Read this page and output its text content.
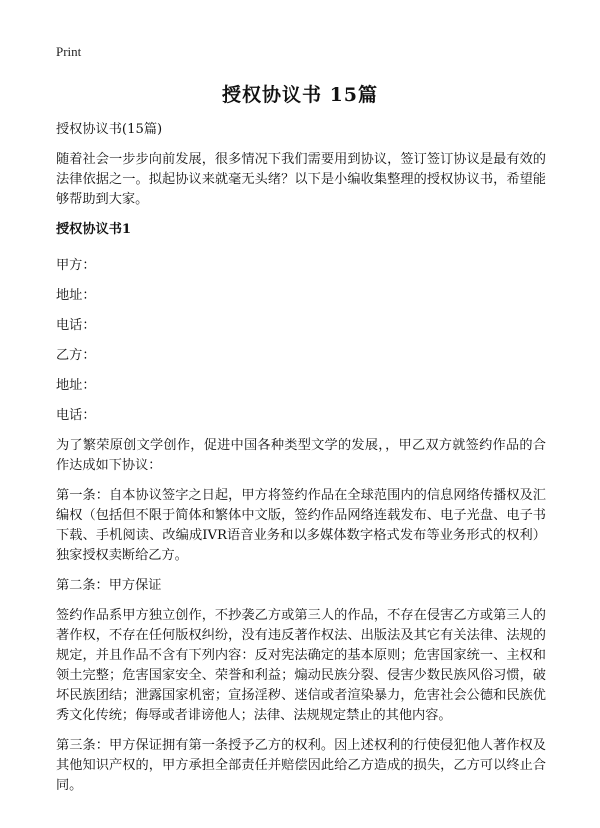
Print
授权协议书 15篇

授权协议书(15篇)

随着社会一步步向前发展，很多情况下我们需要用到协议，签订签订协议是最有效的法律依据之一。拟起协议来就毫无头绪？以下是小编收集整理的授权协议书，希望能够帮助到大家。

授权协议书1

甲方：

地址：

电话：

乙方：

地址：

电话：

为了繁荣原创文学创作，促进中国各种类型文学的发展，，甲乙双方就签约作品的合作达成如下协议：

第一条：自本协议签字之日起，甲方将签约作品在全球范围内的信息网络传播权及汇编权（包括但不限于简体和繁体中文版，签约作品网络连载发布、电子光盘、电子书下载、手机阅读、改编成IVR语音业务和以多媒体数字格式发布等业务形式的权利）独家授权卖断给乙方。

第二条：甲方保证

签约作品系甲方独立创作，不抄袭乙方或第三人的作品，不存在侵害乙方或第三人的著作权，不存在任何版权纠纷，没有违反著作权法、出版法及其它有关法律、法规的规定，并且作品不含有下列内容：反对宪法确定的基本原则；危害国家统一、主权和领土完整；危害国家安全、荣誉和利益；煽动民族分裂、侵害少数民族风俗习惯，破坏民族团结；泄露国家机密；宣扬淫秽、迷信或者渲染暴力，危害社会公德和民族优秀文化传统；侮辱或者诽谤他人；法律、法规规定禁止的其他内容。

第三条：甲方保证拥有第一条授予乙方的权利。因上述权利的行使侵犯他人著作权及其他知识产权的，甲方承担全部责任并赔偿因此给乙方造成的损失，乙方可以终止合同。
